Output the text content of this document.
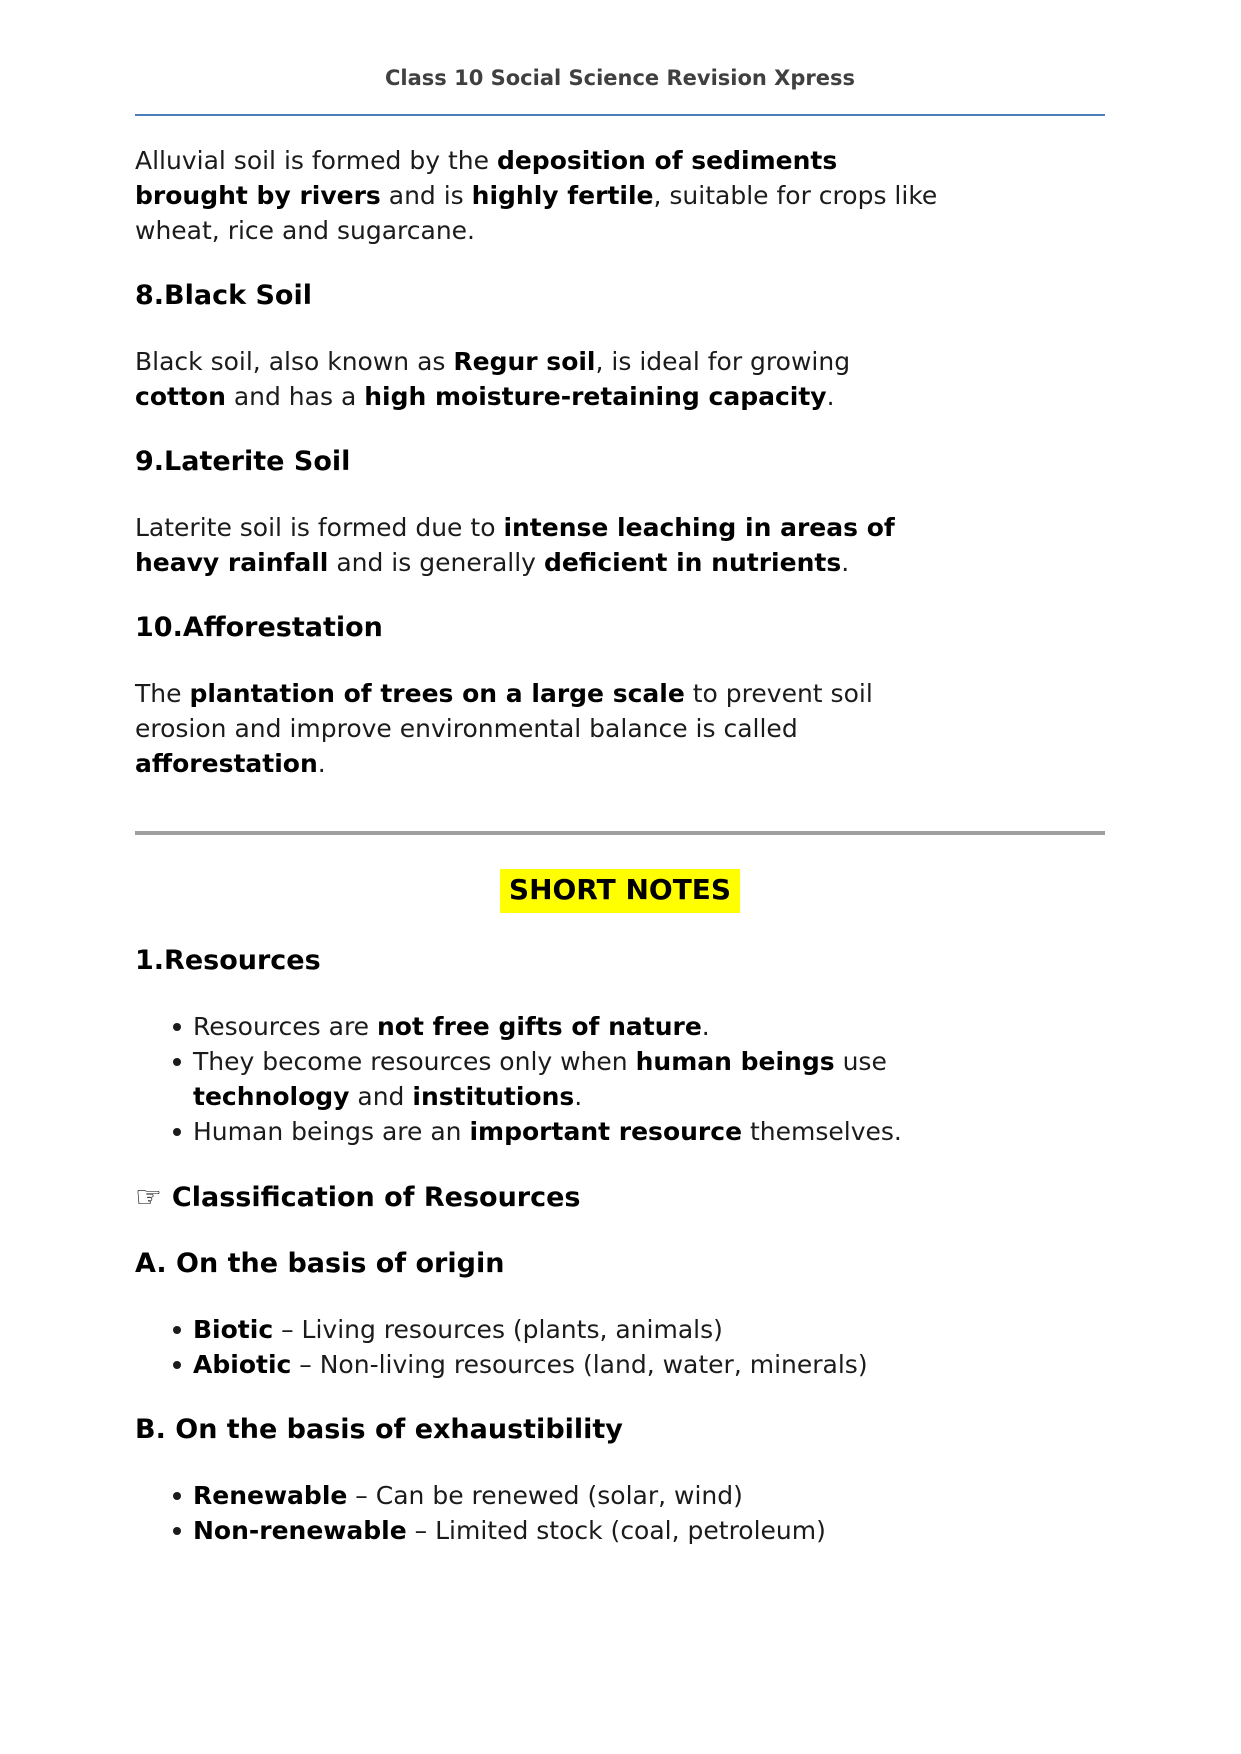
Class 10 Social Science Revision Xpress

Alluvial soil is formed by the deposition of sediments
brought by rivers and is highly fertile, suitable for crops like
wheat, rice and sugarcane.

8.Black Soil

Black soil, also known as Regur soil, is ideal for growing
cotton and has a high moisture-retaining capacity.

9.Laterite Soil

Laterite soil is formed due to intense leaching in areas of
heavy rainfall and is generally deficient in nutrients.

10.Afforestation

The plantation of trees on a large scale to prevent soil
erosion and improve environmental balance is called
afforestation.

SHORT NOTES
1.Resources
Resources are not free gifts of nature.
They become resources only when human beings use
technology and institutions.
Human beings are an important resource themselves.
☞ Classification of Resources
A. On the basis of origin
Biotic – Living resources (plants, animals)
Abiotic – Non-living resources (land, water, minerals)
B. On the basis of exhaustibility
Renewable – Can be renewed (solar, wind)
Non-renewable – Limited stock (coal, petroleum)
